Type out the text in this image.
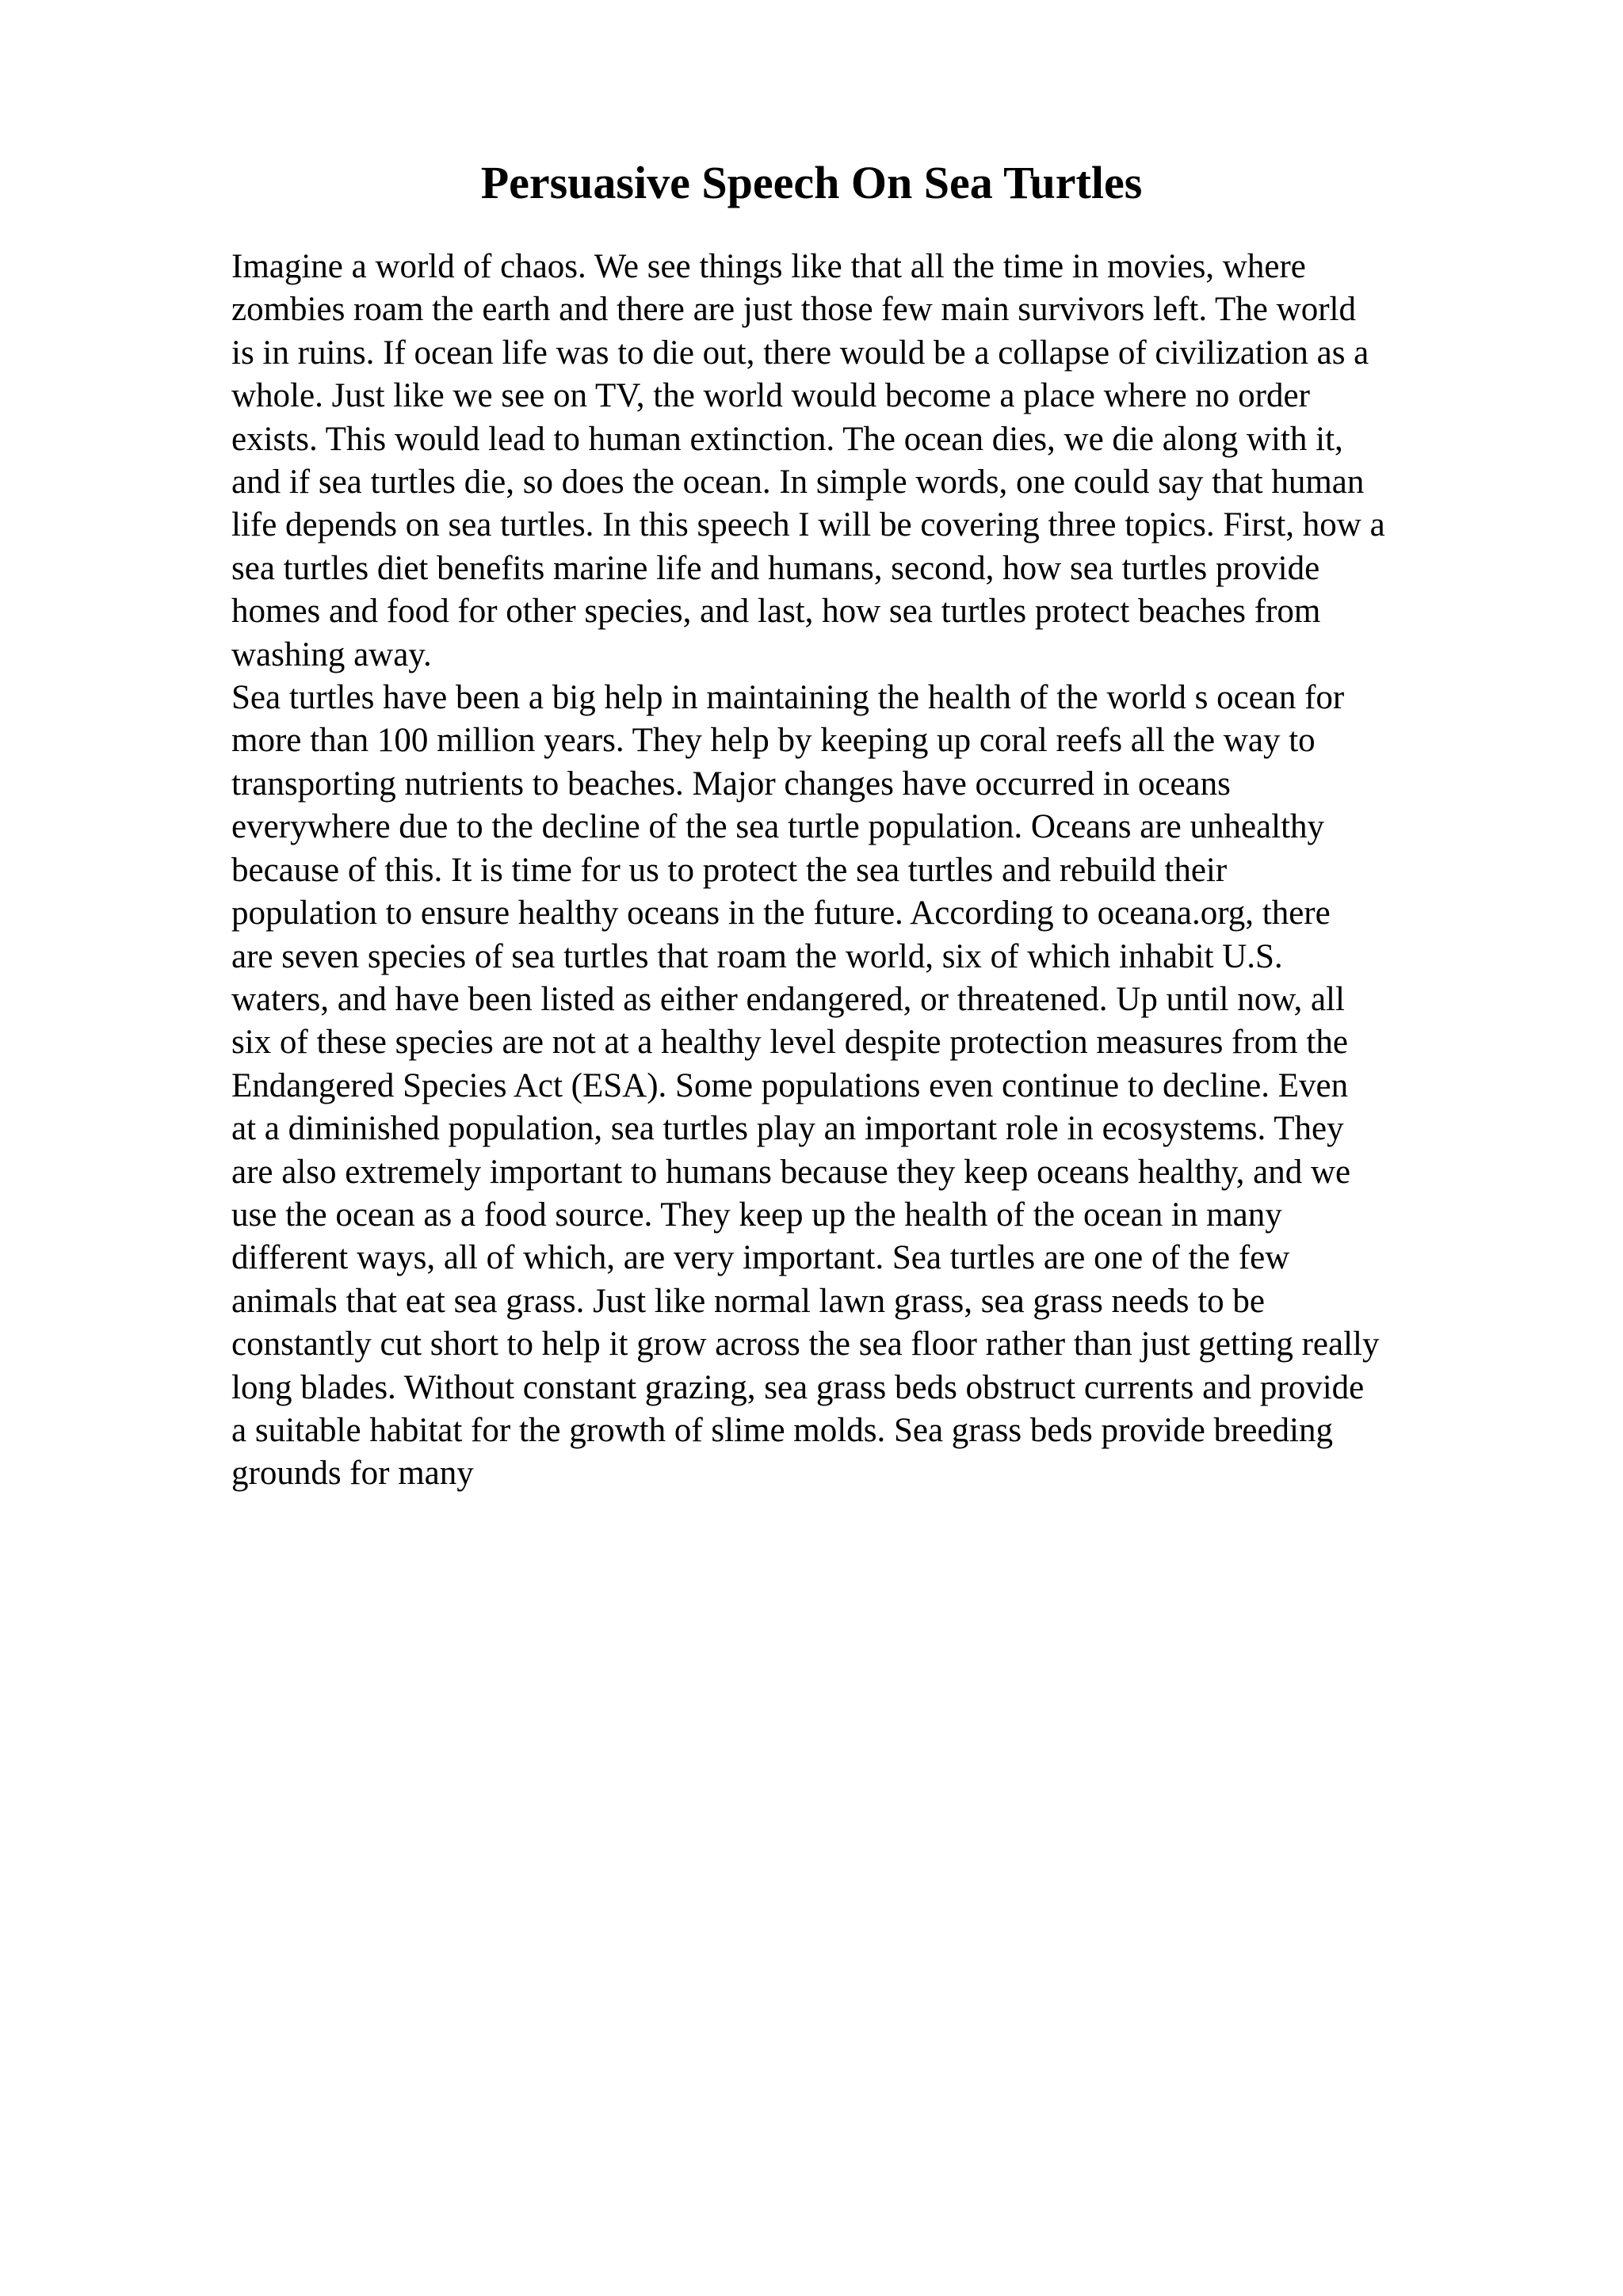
Persuasive Speech On Sea Turtles
Imagine a world of chaos. We see things like that all the time in movies, where
zombies roam the earth and there are just those few main survivors left. The world
is in ruins. If ocean life was to die out, there would be a collapse of civilization as a
whole. Just like we see on TV, the world would become a place where no order
exists. This would lead to human extinction. The ocean dies, we die along with it,
and if sea turtles die, so does the ocean. In simple words, one could say that human
life depends on sea turtles. In this speech I will be covering three topics. First, how a
sea turtles diet benefits marine life and humans, second, how sea turtles provide
homes and food for other species, and last, how sea turtles protect beaches from
washing away.
Sea turtles have been a big help in maintaining the health of the world s ocean for
more than 100 million years. They help by keeping up coral reefs all the way to
transporting nutrients to beaches. Major changes have occurred in oceans
everywhere due to the decline of the sea turtle population. Oceans are unhealthy
because of this. It is time for us to protect the sea turtles and rebuild their
population to ensure healthy oceans in the future. According to oceana.org, there
are seven species of sea turtles that roam the world, six of which inhabit U.S.
waters, and have been listed as either endangered, or threatened. Up until now, all
six of these species are not at a healthy level despite protection measures from the
Endangered Species Act (ESA). Some populations even continue to decline. Even
at a diminished population, sea turtles play an important role in ecosystems. They
are also extremely important to humans because they keep oceans healthy, and we
use the ocean as a food source. They keep up the health of the ocean in many
different ways, all of which, are very important. Sea turtles are one of the few
animals that eat sea grass. Just like normal lawn grass, sea grass needs to be
constantly cut short to help it grow across the sea floor rather than just getting really
long blades. Without constant grazing, sea grass beds obstruct currents and provide
a suitable habitat for the growth of slime molds. Sea grass beds provide breeding
grounds for many
